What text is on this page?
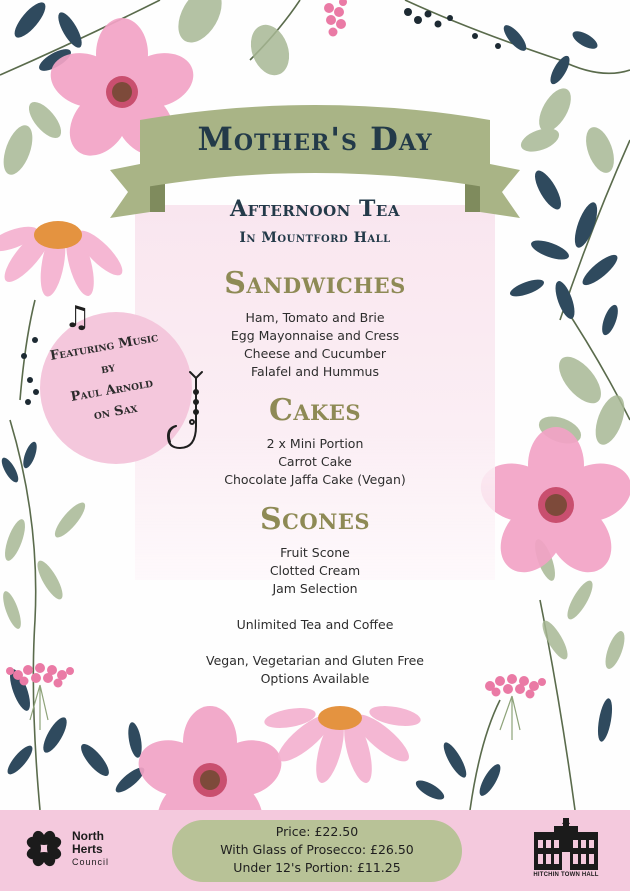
Mother's Day
Afternoon Tea
In Mountford Hall
Sandwiches
Ham, Tomato and Brie
Egg Mayonnaise and Cress
Cheese and Cucumber
Falafel and Hummus
Cakes
2 x Mini Portion
Carrot Cake
Chocolate Jaffa Cake (Vegan)
Scones
Fruit Scone
Clotted Cream
Jam Selection
Unlimited Tea and Coffee
Vegan, Vegetarian and Gluten Free
Options Available
♫
Featuring Music
by
Paul Arnold
on Sax
North
Herts
Council
Price: £22.50
With Glass of Prosecco: £26.50
Under 12's Portion: £11.25	HITCHIN TOWN HALL
